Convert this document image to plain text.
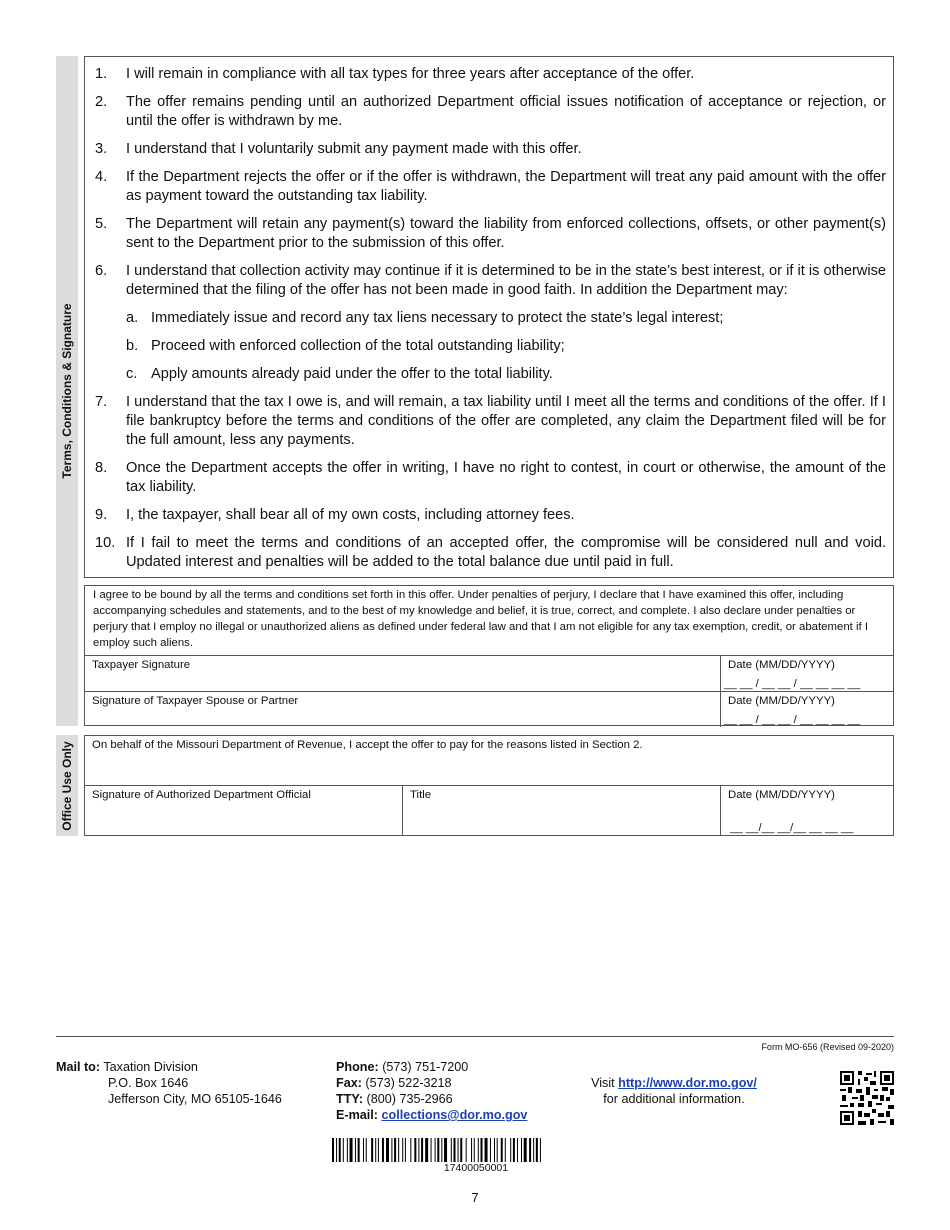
Terms, Conditions & Signature
Office Use Only
1.	I will remain in compliance with all tax types for three years after acceptance of the offer.
2.	The offer remains pending until an authorized Department official issues notification of acceptance or rejection, or until the offer is withdrawn by me.
3.	I understand that I voluntarily submit any payment made with this offer.
4.	If the Department rejects the offer or if the offer is withdrawn, the Department will treat any paid amount with the offer as payment toward the outstanding tax liability.
5.	The Department will retain any payment(s) toward the liability from enforced collections, offsets, or other payment(s) sent to the Department prior to the submission of this offer.
6.	I understand that collection activity may continue if it is determined to be in the state’s best interest, or if it is otherwise determined that the filing of the offer has not been made in good faith. In addition the Department may:
a. Immediately issue and record any tax liens necessary to protect the state’s legal interest;
b. Proceed with enforced collection of the total outstanding liability;
c. Apply amounts already paid under the offer to the total liability.
7.	I understand that the tax I owe is, and will remain, a tax liability until I meet all the terms and conditions of the offer. If I file bankruptcy before the terms and conditions of the offer are completed, any claim the Department filed will be for the full amount, less any payments.
8.	Once the Department accepts the offer in writing, I have no right to contest, in court or otherwise, the amount of the tax liability.
9.	I, the taxpayer, shall bear all of my own costs, including attorney fees.
10. If I fail to meet the terms and conditions of an accepted offer, the compromise will be considered null and void. Updated interest and penalties will be added to the total balance due until paid in full.
I agree to be bound by all the terms and conditions set forth in this offer. Under penalties of perjury, I declare that I have examined this offer, including accompanying schedules and statements, and to the best of my knowledge and belief, it is true, correct, and complete. I also declare under penalties or perjury that I employ no illegal or unauthorized aliens as defined under federal law and that I am not eligible for any tax exemption, credit, or abatement if I employ such aliens.
Taxpayer Signature	Date (MM/DD/YYYY)
__ __ / __ __ / __ __ __ __
Signature of Taxpayer Spouse or Partner	Date (MM/DD/YYYY)
__ __ / __ __ / __ __ __ __
On behalf of the Missouri Department of Revenue, I accept the offer to pay for the reasons listed in Section 2.
Signature of Authorized Department Official	Title	Date (MM/DD/YYYY)
__ __/__ __/__ __ __ __
Form MO-656 (Revised 09-2020)
Mail to: Taxation Division
P.O. Box 1646
Jefferson City, MO 65105-1646
Phone: (573) 751-7200
Fax: (573) 522-3218
TTY: (800) 735-2966
E-mail: collections@dor.mo.gov
Visit http://www.dor.mo.gov/
for additional information.
17400050001
7
